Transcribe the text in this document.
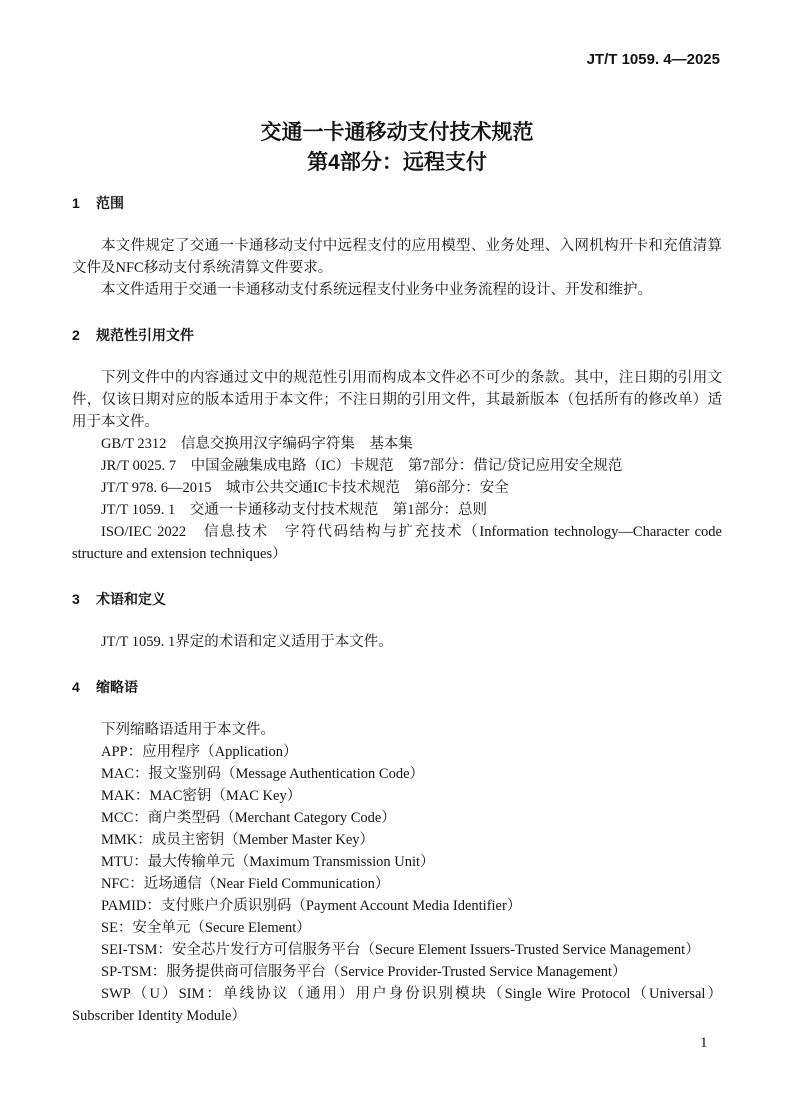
JT/T 1059. 4—2025
交通一卡通移动支付技术规范
第4部分：远程支付
1 范围

本文件规定了交通一卡通移动支付中远程支付的应用模型、业务处理、入网机构开卡和充值清算文件及NFC移动支付系统清算文件要求。

本文件适用于交通一卡通移动支付系统远程支付业务中业务流程的设计、开发和维护。

2 规范性引用文件

下列文件中的内容通过文中的规范性引用而构成本文件必不可少的条款。其中，注日期的引用文件，仅该日期对应的版本适用于本文件；不注日期的引用文件，其最新版本（包括所有的修改单）适用于本文件。

GB/T 2312　信息交换用汉字编码字符集　基本集

JR/T 0025. 7　中国金融集成电路（IC）卡规范　第7部分：借记/贷记应用安全规范

JT/T 978. 6—2015　城市公共交通IC卡技术规范　第6部分：安全

JT/T 1059. 1　交通一卡通移动支付技术规范　第1部分：总则

ISO/IEC 2022　信息技术　字符代码结构与扩充技术（Information technology—Character code structure and extension techniques）

3 术语和定义

JT/T 1059. 1界定的术语和定义适用于本文件。

4 缩略语

下列缩略语适用于本文件。

APP：应用程序（Application）

MAC：报文鉴别码（Message Authentication Code）

MAK：MAC密钥（MAC Key）

MCC：商户类型码（Merchant Category Code）

MMK：成员主密钥（Member Master Key）

MTU：最大传输单元（Maximum Transmission Unit）

NFC：近场通信（Near Field Communication）

PAMID：支付账户介质识别码（Payment Account Media Identifier）

SE：安全单元（Secure Element）

SEI-TSM：安全芯片发行方可信服务平台（Secure Element Issuers-Trusted Service Management）

SP-TSM：服务提供商可信服务平台（Service Provider-Trusted Service Management）

SWP（U）SIM：单线协议（通用）用户身份识别模块（Single Wire Protocol（Universal）Subscriber Identity Module）

1
